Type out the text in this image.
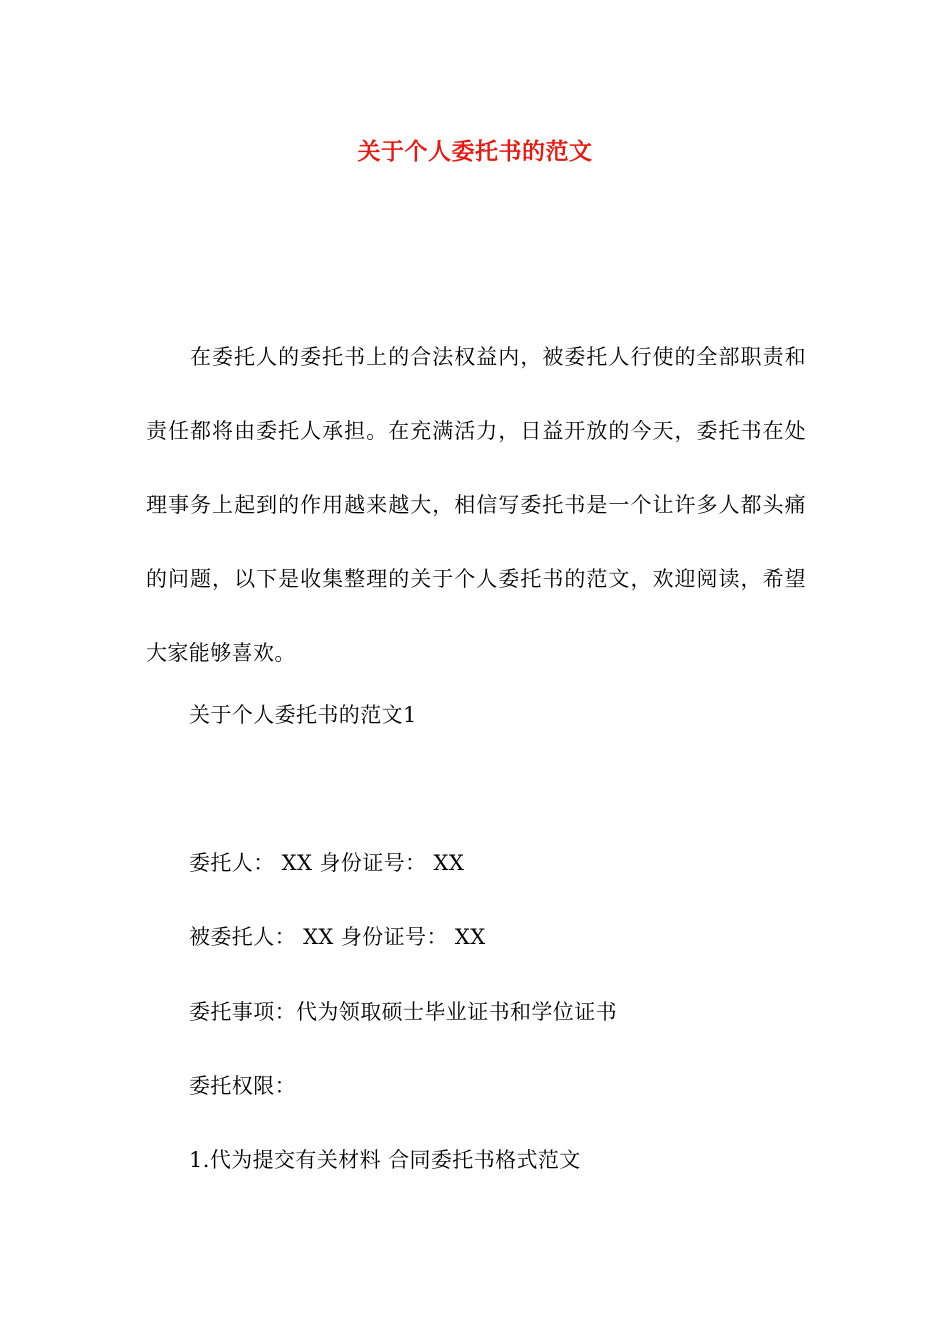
关于个人委托书的范文

在委托人的委托书上的合法权益内，被委托人行使的全部职责和责任都将由委托人承担。在充满活力，日益开放的今天，委托书在处理事务上起到的作用越来越大，相信写委托书是一个让许多人都头痛的问题，以下是收集整理的关于个人委托书的范文，欢迎阅读，希望大家能够喜欢。

关于个人委托书的范文1

委托人： XX 身份证号： XX

被委托人： XX 身份证号： XX

委托事项：代为领取硕士毕业证书和学位证书

委托权限：

1.代为提交有关材料 合同委托书格式范文
